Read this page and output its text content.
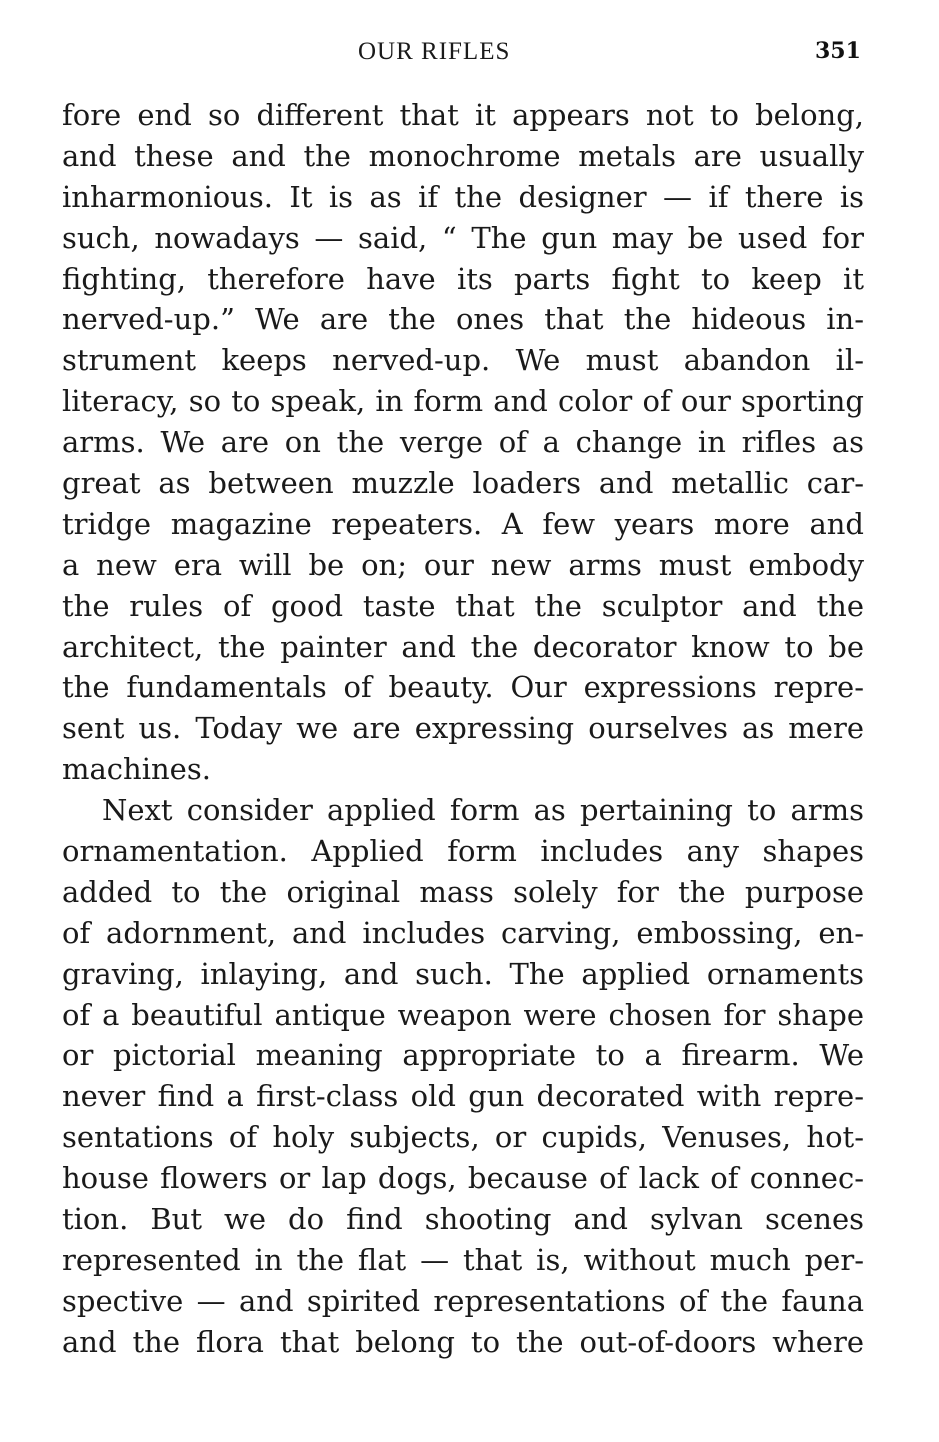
OUR RIFLES	351
fore end so different that it appears not to belong,
and these and the monochrome metals are usually
inharmonious. It is as if the designer — if there is
such, nowadays — said, “ The gun may be used for
fighting, therefore have its parts fight to keep it
nerved-up.” We are the ones that the hideous in-
strument keeps nerved-up. We must abandon il-
literacy, so to speak, in form and color of our sporting
arms. We are on the verge of a change in rifles as
great as between muzzle loaders and metallic car-
tridge magazine repeaters. A few years more and
a new era will be on; our new arms must embody
the rules of good taste that the sculptor and the
architect, the painter and the decorator know to be
the fundamentals of beauty. Our expressions repre-
sent us. Today we are expressing ourselves as mere
machines.
Next consider applied form as pertaining to arms
ornamentation. Applied form includes any shapes
added to the original mass solely for the purpose
of adornment, and includes carving, embossing, en-
graving, inlaying, and such. The applied ornaments
of a beautiful antique weapon were chosen for shape
or pictorial meaning appropriate to a firearm. We
never find a first-class old gun decorated with repre-
sentations of holy subjects, or cupids, Venuses, hot-
house flowers or lap dogs, because of lack of connec-
tion. But we do find shooting and sylvan scenes
represented in the flat — that is, without much per-
spective — and spirited representations of the fauna
and the flora that belong to the out-of-doors where
